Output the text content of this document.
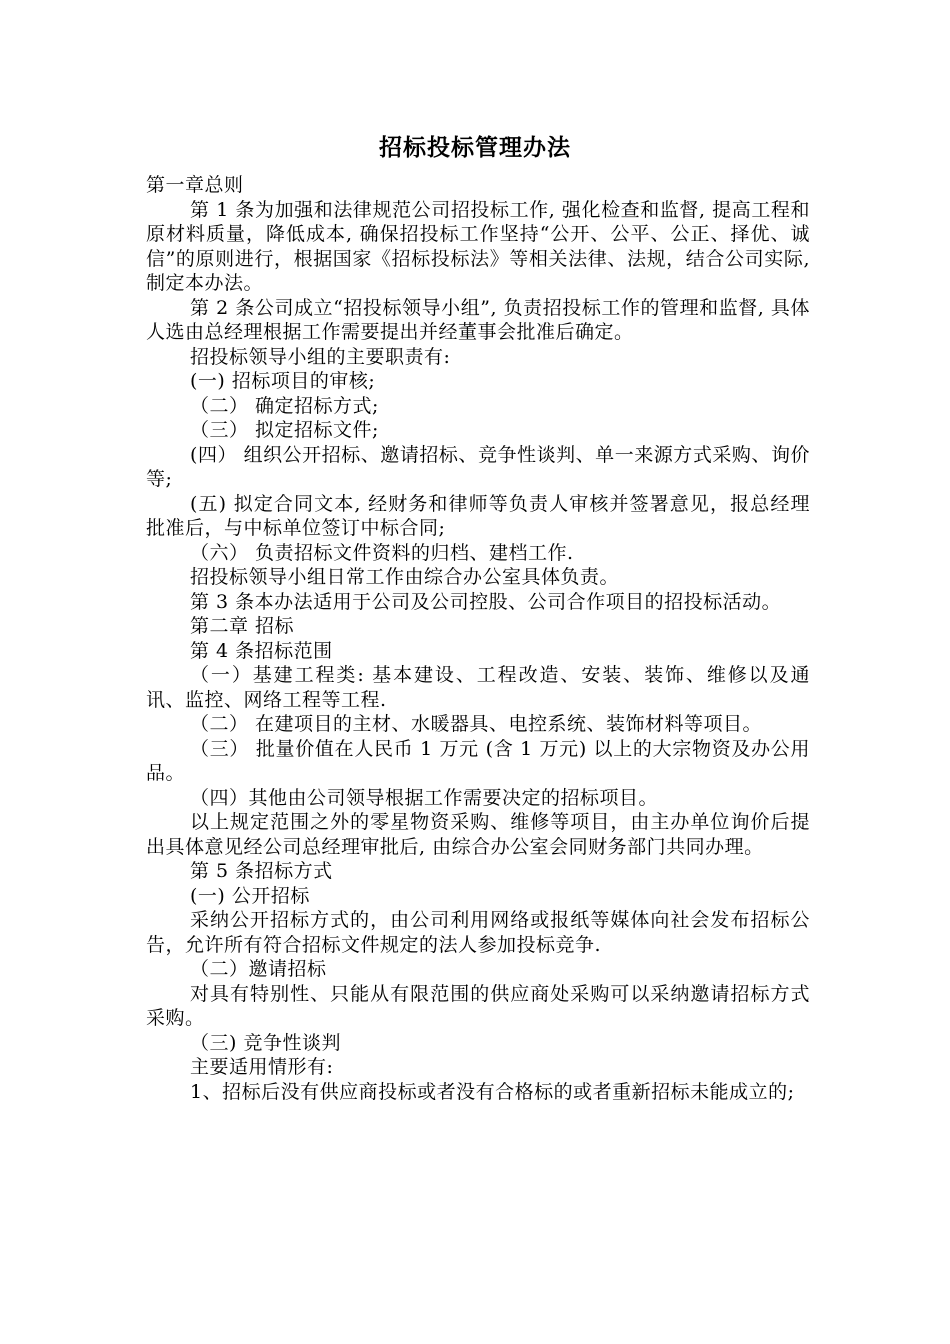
招标投标管理办法

第一章总则

第 1 条为加强和法律规范公司招投标工作, 强化检查和监督, 提高工程和原材料质量，降低成本, 确保招投标工作坚持“公开、公平、公正、择优、诚信”的原则进行，根据国家《招标投标法》等相关法律、法规，结合公司实际, 制定本办法。

第 2 条公司成立“招投标领导小组”, 负责招投标工作的管理和监督, 具体人选由总经理根据工作需要提出并经董事会批准后确定。

招投标领导小组的主要职责有:

(一) 招标项目的审核;

（二） 确定招标方式;

（三） 拟定招标文件;

(四） 组织公开招标、邀请招标、竞争性谈判、单一来源方式采购、询价等;

(五) 拟定合同文本, 经财务和律师等负责人审核并签署意见，报总经理批准后，与中标单位签订中标合同;

（六） 负责招标文件资料的归档、建档工作.

招投标领导小组日常工作由综合办公室具体负责。

第 3 条本办法适用于公司及公司控股、公司合作项目的招投标活动。

第二章 招标

第 4 条招标范围

（一）基建工程类: 基本建设、工程改造、安装、装饰、维修以及通 讯、监控、网络工程等工程.

（二） 在建项目的主材、水暖器具、电控系统、装饰材料等项目。

（三） 批量价值在人民币 1 万元 (含 1 万元) 以上的大宗物资及办公用品。

（四）其他由公司领导根据工作需要决定的招标项目。

以上规定范围之外的零星物资采购、维修等项目，由主办单位询价后提出具体意见经公司总经理审批后, 由综合办公室会同财务部门共同办理。

第 5 条招标方式

(一) 公开招标

采纳公开招标方式的，由公司利用网络或报纸等媒体向社会发布招标公告，允许所有符合招标文件规定的法人参加投标竞争.

（二）邀请招标

对具有特别性、只能从有限范围的供应商处采购可以采纳邀请招标方式采购。

（三) 竞争性谈判

主要适用情形有:

1、招标后没有供应商投标或者没有合格标的或者重新招标未能成立的;
